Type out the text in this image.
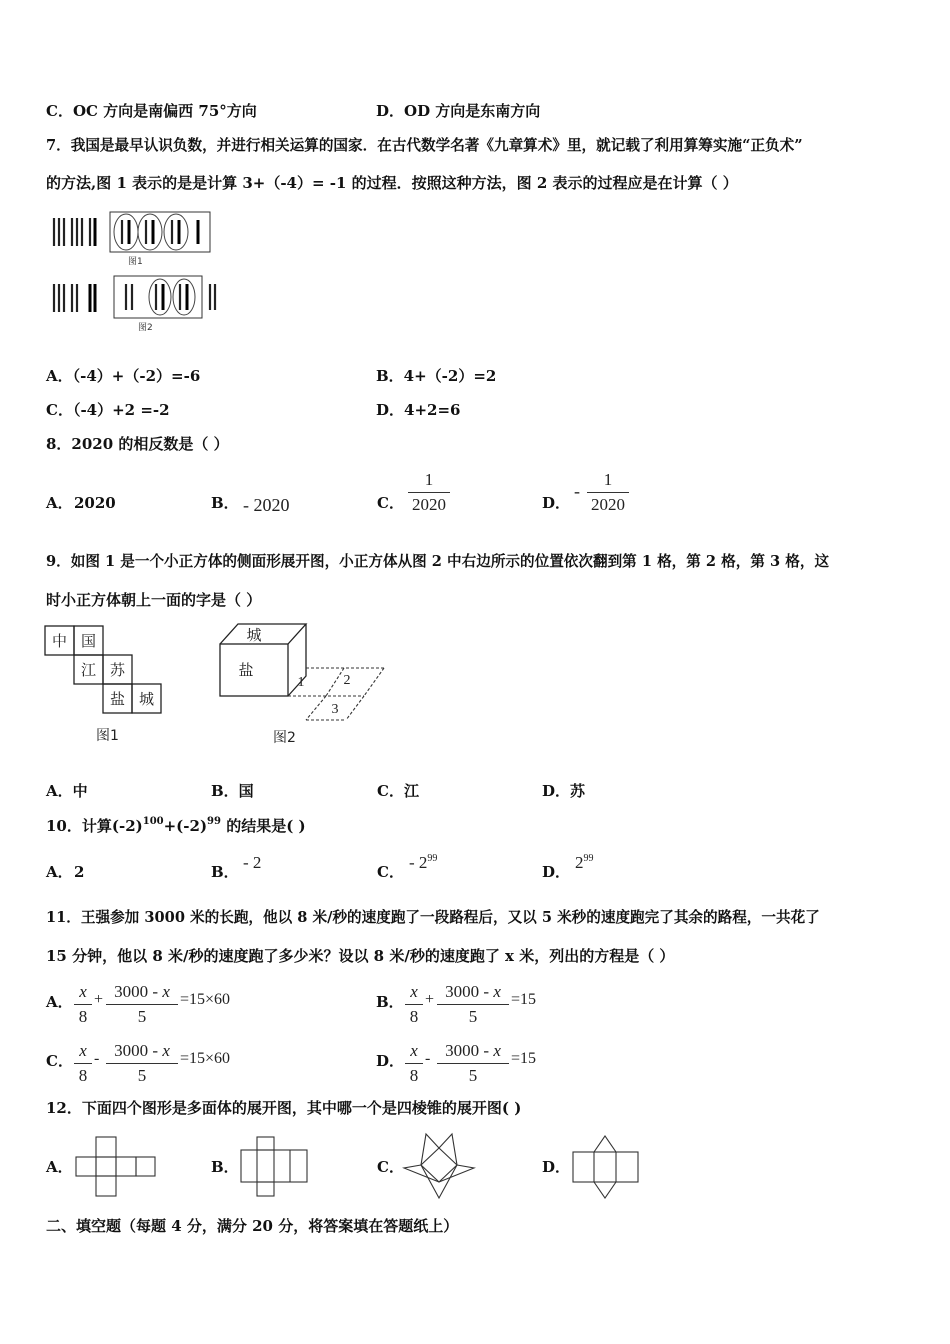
C．OC 方向是南偏西 75°方向	D．OD 方向是东南方向
7．我国是最早认识负数，并进行相关运算的国家．在古代数学名著《九章算术》里，就记载了利用算筹实施“正负术”
的方法,图 1 表示的是是计算 3+（-4）= -1 的过程．按照这种方法，图 2 表示的过程应是在计算（ ）
图1
图2
A．（-4）+（-2）=-6	B．4+（-2）=2
C．（-4）+2 =-2	D．4+2=6
8．2020 的相反数是（ ）
A． 2020	B． - 2020	C．
1
2020	D．
-
1
2020
9．如图 1 是一个小正方体的侧面形展开图，小正方体从图 2 中右边所示的位置依次翻到第 1 格，第 2 格，第 3 格，这
时小正方体朝上一面的字是（ ）
中 国
江 苏
盐 城
图1
城
盐
1	2
3
图2
A．中	B．国	C．江	D．苏
10．计算$(-2)^{100}+(-2)^{99}$ 的结果是( )
A． 2	B． - 2	C． - $2^{99}$
D． $2^{99}$
11．王强参加 3000 米的长跑，他以 8 米/秒的速度跑了一段路程后，又以 5 米秒的速度跑完了其余的路程，一共花了
15 分钟，他以 8 米/秒的速度跑了多少米？设以 8 米/秒的速度跑了 x 米，列出的方程是（ ）
A．
x
8
+ 3000 - x
5
=15×60	B．
x
8
+ 3000 - x
5
=15
C．
x
8
- 3000 - x
5
=15×60	D．
x
8
- 3000 - x
5
=15
12．下面四个图形是多面体的展开图，其中哪一个是四棱锥的展开图( )
A．	B．	C．	D．
二、填空题（每题 4 分，满分 20 分，将答案填在答题纸上）
